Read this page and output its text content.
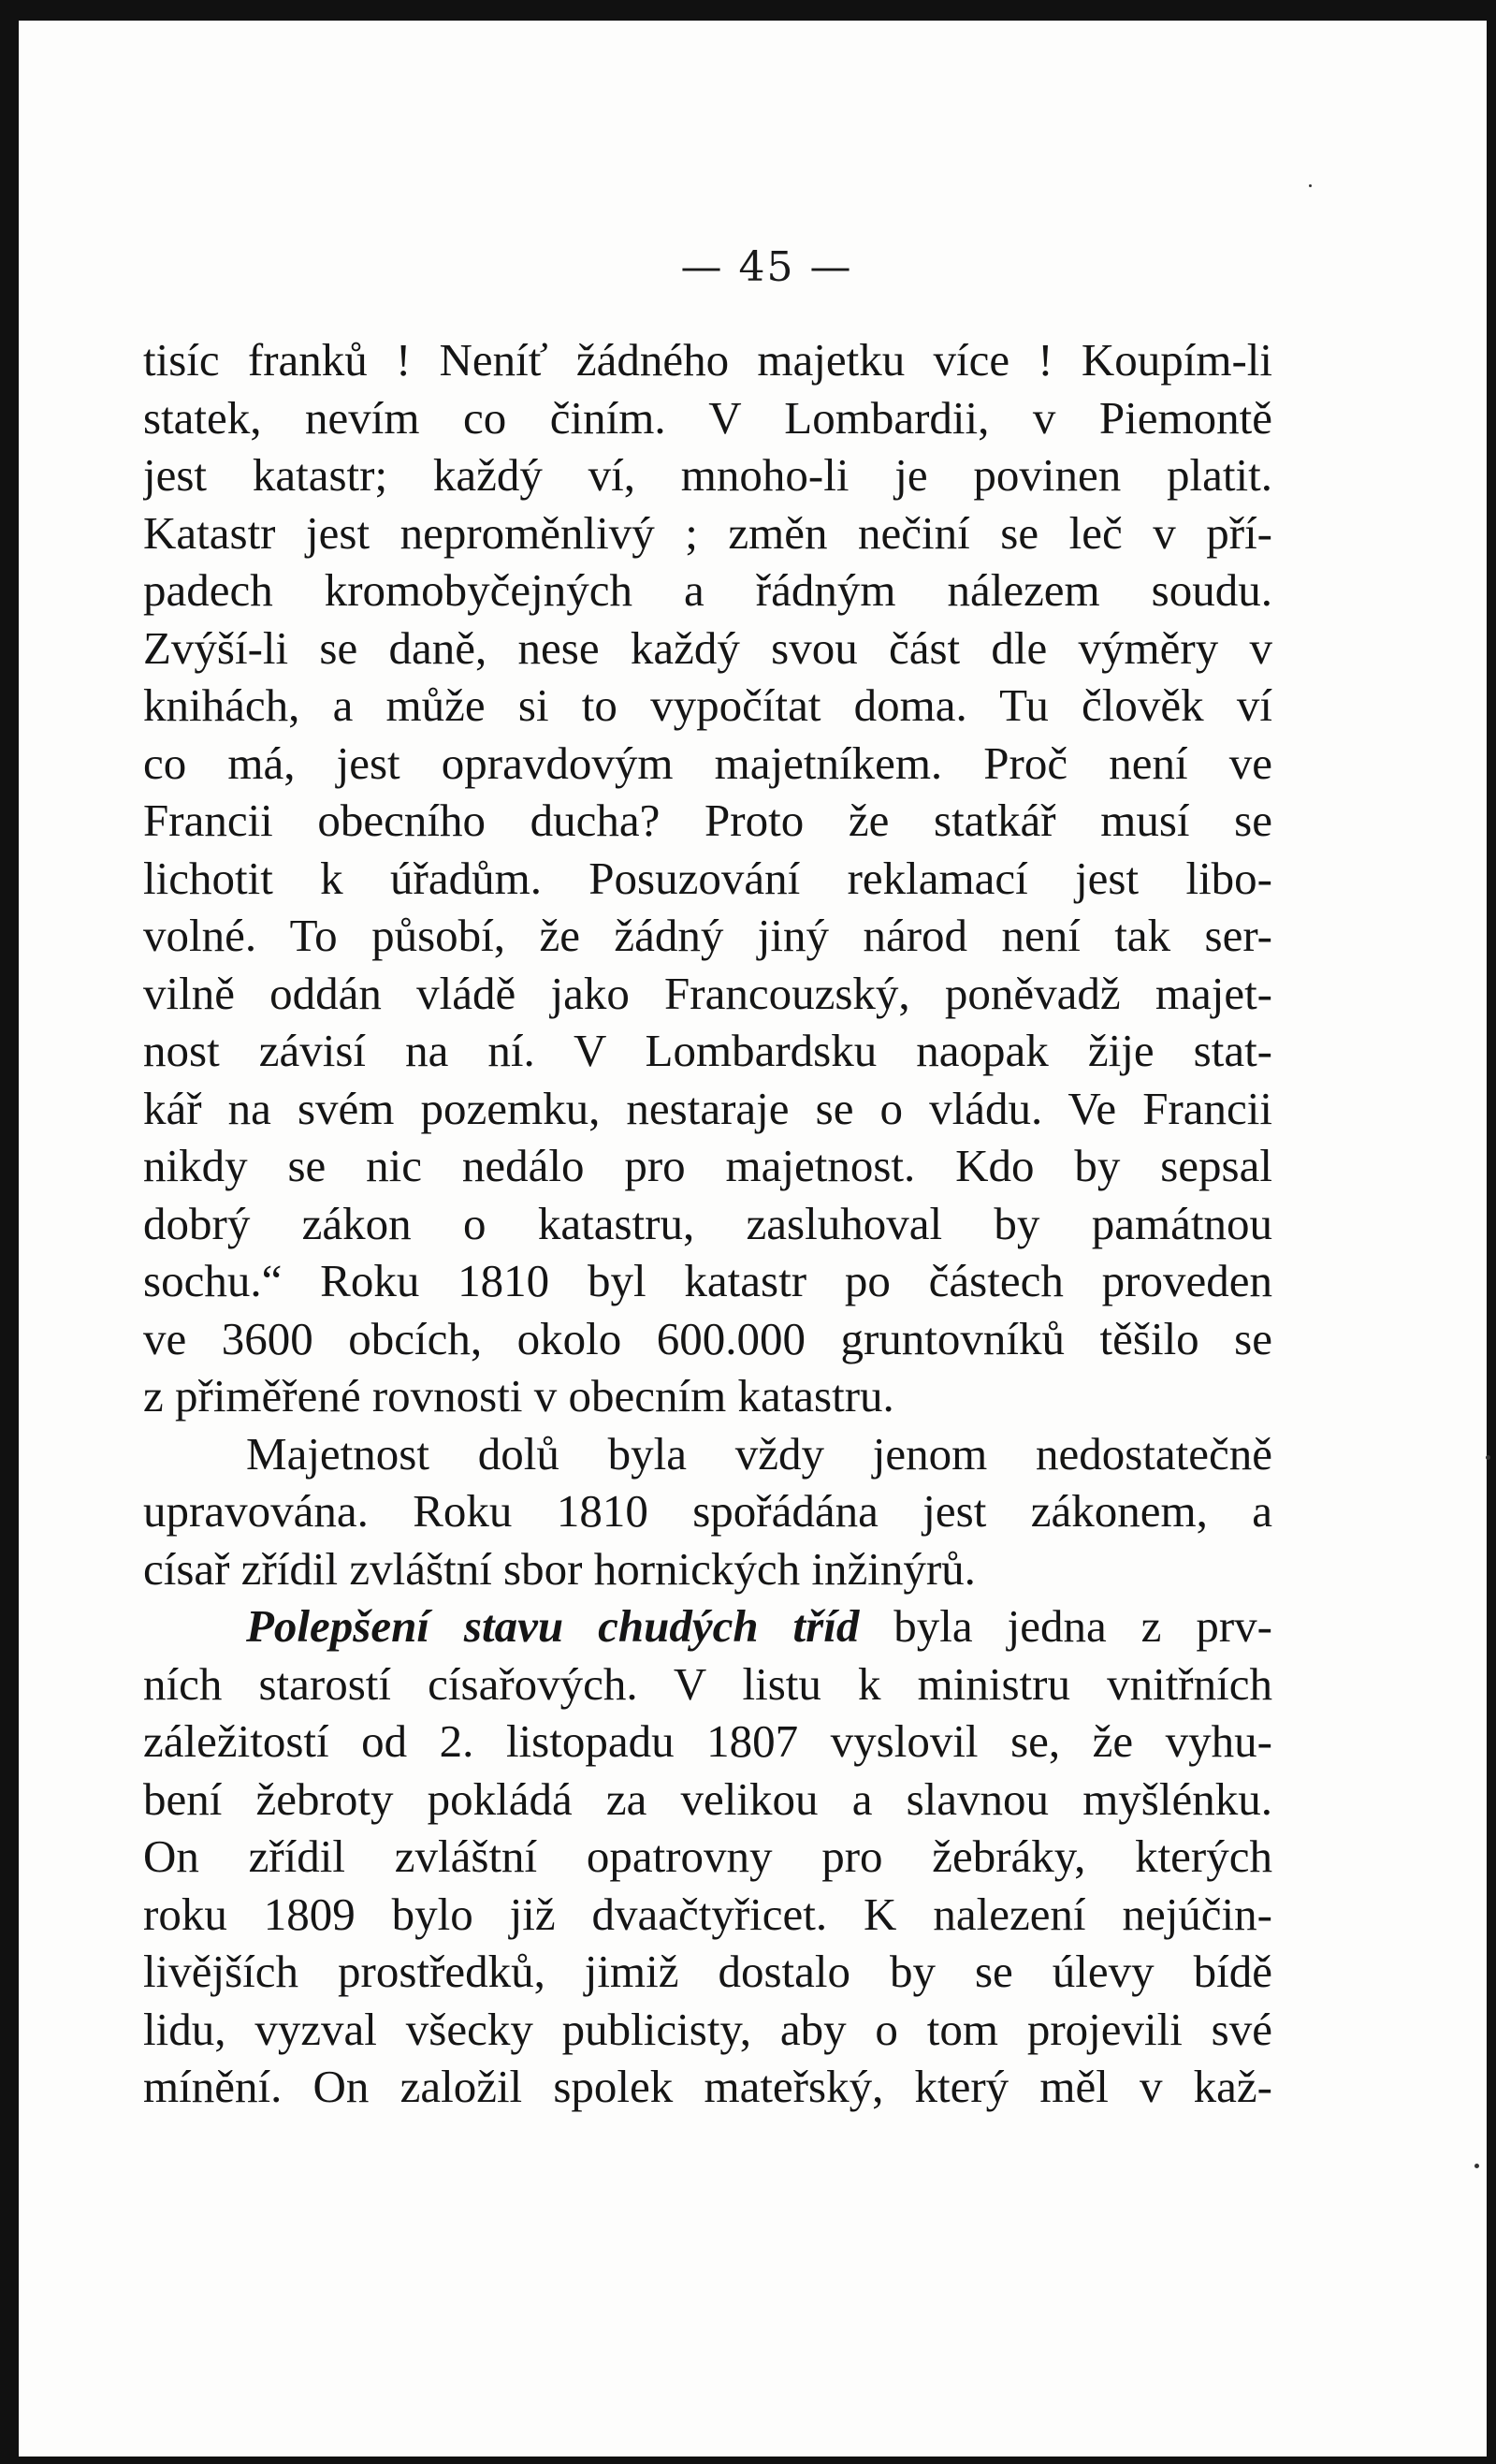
— 45 —
tisíc franků ! Neníť žádného majetku více ! Koupím-li
statek, nevím co činím. V Lombardii, v Piemontě
jest katastr; každý ví, mnoho-li je povinen platit.
Katastr jest neproměnlivý ; změn nečiní se leč v pří-
padech kromobyčejných a řádným nálezem soudu.
Zvýší-li se daně, nese každý svou část dle výměry v
knihách, a může si to vypočítat doma. Tu člověk ví
co má, jest opravdovým majetníkem. Proč není ve
Francii obecního ducha? Proto že statkář musí se
lichotit k úřadům. Posuzování reklamací jest libo-
volné. To působí, že žádný jiný národ není tak ser-
vilně oddán vládě jako Francouzský, poněvadž majet-
nost závisí na ní. V Lombardsku naopak žije stat-
kář na svém pozemku, nestaraje se o vládu. Ve Francii
nikdy se nic nedálo pro majetnost. Kdo by sepsal
dobrý zákon o katastru, zasluhoval by památnou
sochu.“ Roku 1810 byl katastr po částech proveden
ve 3600 obcích, okolo 600.000 gruntovníků těšilo se
z přiměřené rovnosti v obecním katastru.
Majetnost dolů byla vždy jenom nedostatečně
upravována. Roku 1810 spořádána jest zákonem, a
císař zřídil zvláštní sbor hornických inžinýrů.
Polepšení stavu chudých tříd byla jedna z prv-
ních starostí císařových. V listu k ministru vnitřních
záležitostí od 2. listopadu 1807 vyslovil se, že vyhu-
bení žebroty pokládá za velikou a slavnou myšlénku.
On zřídil zvláštní opatrovny pro žebráky, kterých
roku 1809 bylo již dvaačtyřicet. K nalezení nejúčin-
livějších prostředků, jimiž dostalo by se úlevy bídě
lidu, vyzval všecky publicisty, aby o tom projevili své
mínění. On založil spolek mateřský, který měl v kaž-
